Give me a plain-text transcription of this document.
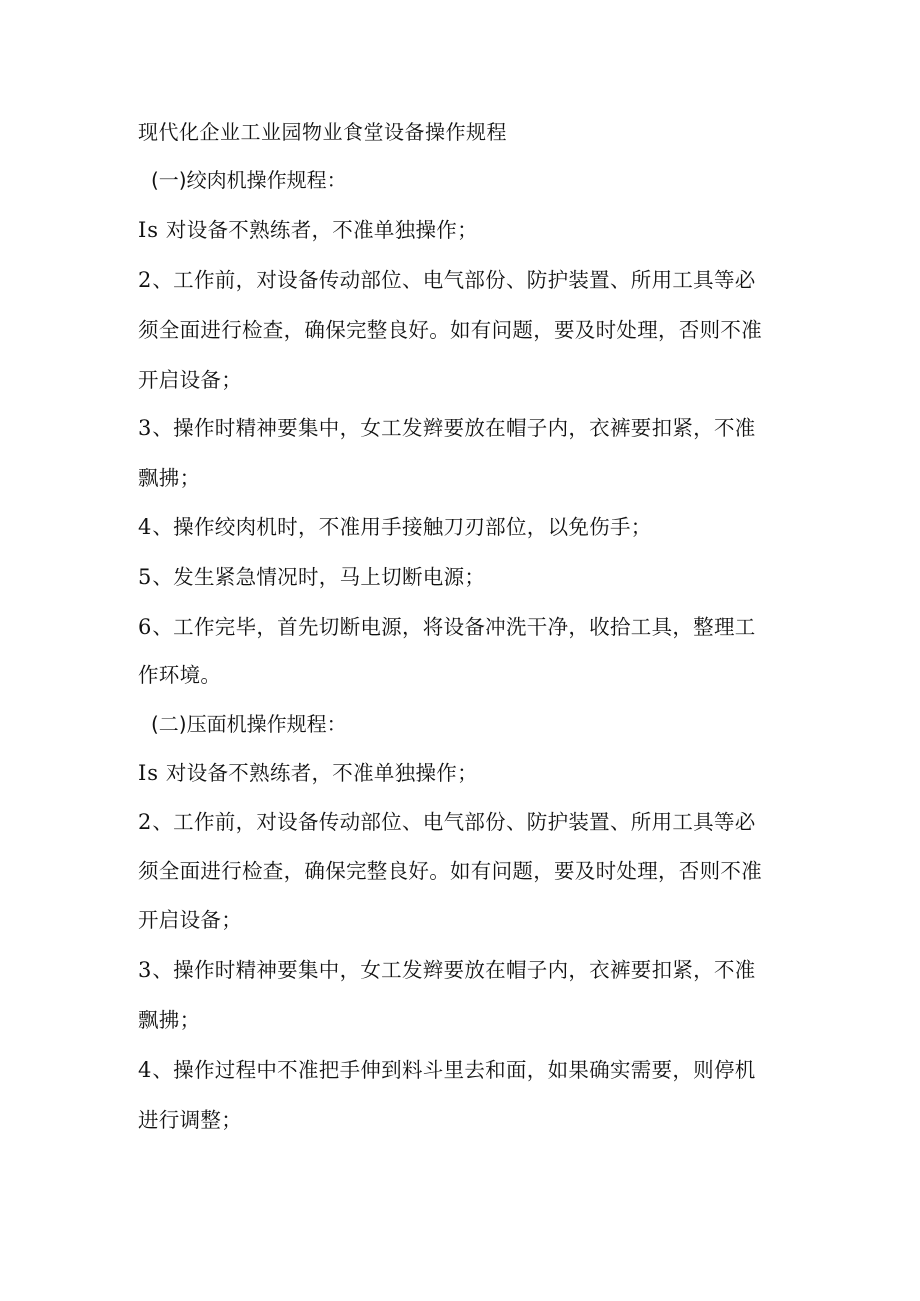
现代化企业工业园物业食堂设备操作规程
(一)绞肉机操作规程：
Is 对设备不熟练者，不准单独操作；
2、工作前，对设备传动部位、电气部份、防护装置、所用工具等必
须全面进行检查，确保完整良好。如有问题，要及时处理，否则不准
开启设备；
3、操作时精神要集中，女工发辫要放在帽子内，衣裤要扣紧，不准
飘拂；
4、操作绞肉机时，不准用手接触刀刃部位，以免伤手；
5、发生紧急情况时，马上切断电源；
6、工作完毕，首先切断电源，将设备冲洗干净，收拾工具，整理工
作环境。
(二)压面机操作规程：
Is 对设备不熟练者，不准单独操作；
2、工作前，对设备传动部位、电气部份、防护装置、所用工具等必
须全面进行检查，确保完整良好。如有问题，要及时处理，否则不准
开启设备；
3、操作时精神要集中，女工发辫要放在帽子内，衣裤要扣紧，不准
飘拂；
4、操作过程中不准把手伸到料斗里去和面，如果确实需要，则停机
进行调整；
